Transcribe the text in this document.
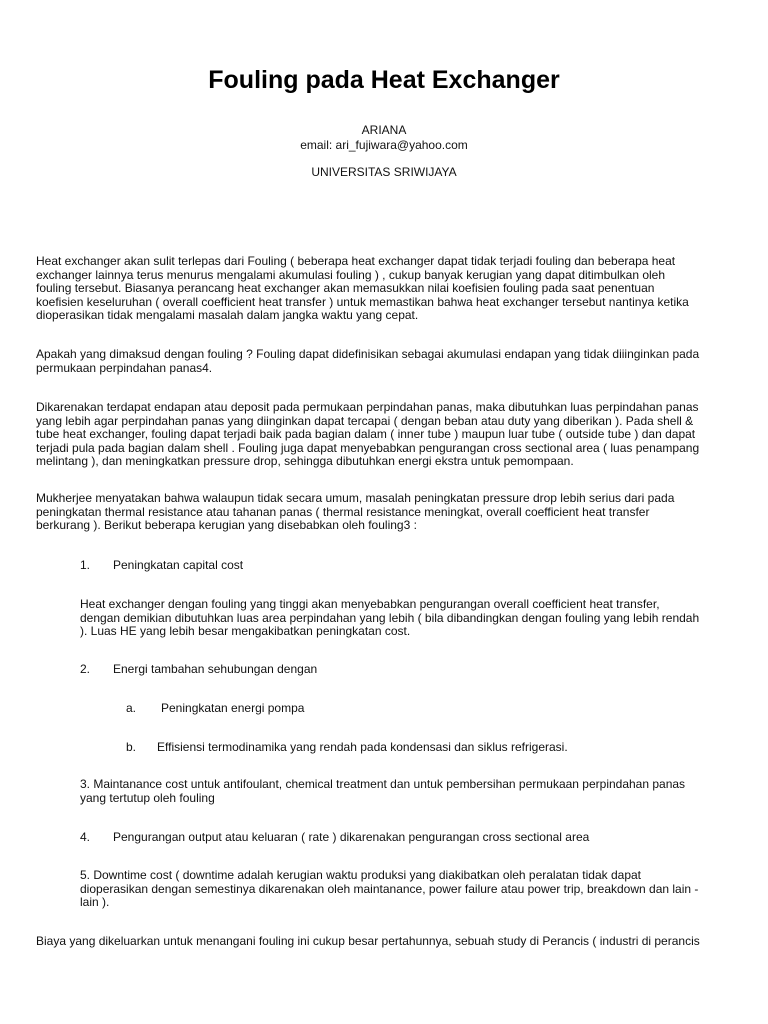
Fouling pada Heat Exchanger
ARIANA
email: ari_fujiwara@yahoo.com
UNIVERSITAS SRIWIJAYA
Heat exchanger akan sulit terlepas dari Fouling ( beberapa heat exchanger dapat tidak terjadi fouling dan beberapa heat
exchanger lainnya terus menurus mengalami akumulasi fouling ) , cukup banyak kerugian yang dapat ditimbulkan oleh
fouling tersebut. Biasanya perancang heat exchanger akan memasukkan nilai koefisien fouling pada saat penentuan
koefisien keseluruhan ( overall coefficient heat transfer ) untuk memastikan bahwa heat exchanger tersebut nantinya ketika
dioperasikan tidak mengalami masalah dalam jangka waktu yang cepat.
Apakah yang dimaksud dengan fouling ? Fouling dapat didefinisikan sebagai akumulasi endapan yang tidak diiinginkan pada
permukaan perpindahan panas4.
Dikarenakan terdapat endapan atau deposit pada permukaan perpindahan panas, maka dibutuhkan luas perpindahan panas
yang lebih agar perpindahan panas yang diinginkan dapat tercapai ( dengan beban atau duty yang diberikan ). Pada shell &
tube heat exchanger, fouling dapat terjadi baik pada bagian dalam ( inner tube ) maupun luar tube ( outside tube ) dan dapat
terjadi pula pada bagian dalam shell . Fouling juga dapat menyebabkan pengurangan cross sectional area ( luas penampang
melintang ), dan meningkatkan pressure drop, sehingga dibutuhkan energi ekstra untuk pemompaan.
Mukherjee menyatakan bahwa walaupun tidak secara umum, masalah peningkatan pressure drop lebih serius dari pada
peningkatan thermal resistance atau tahanan panas ( thermal resistance meningkat, overall coefficient heat transfer
berkurang ). Berikut beberapa kerugian yang disebabkan oleh fouling3 :
1. Peningkatan capital cost
Heat exchanger dengan fouling yang tinggi akan menyebabkan pengurangan overall coefficient heat transfer,
dengan demikian dibutuhkan luas area perpindahan yang lebih ( bila dibandingkan dengan fouling yang lebih rendah
). Luas HE yang lebih besar mengakibatkan peningkatan cost.
2. Energi tambahan sehubungan dengan
a. Peningkatan energi pompa
b. Effisiensi termodinamika yang rendah pada kondensasi dan siklus refrigerasi.
3. Maintanance cost untuk antifoulant, chemical treatment dan untuk pembersihan permukaan perpindahan panas
yang tertutup oleh fouling
4. Pengurangan output atau keluaran ( rate ) dikarenakan pengurangan cross sectional area
5. Downtime cost ( downtime adalah kerugian waktu produksi yang diakibatkan oleh peralatan tidak dapat
dioperasikan dengan semestinya dikarenakan oleh maintanance, power failure atau power trip, breakdown dan lain -
lain ).
Biaya yang dikeluarkan untuk menangani fouling ini cukup besar pertahunnya, sebuah study di Perancis ( industri di perancis
